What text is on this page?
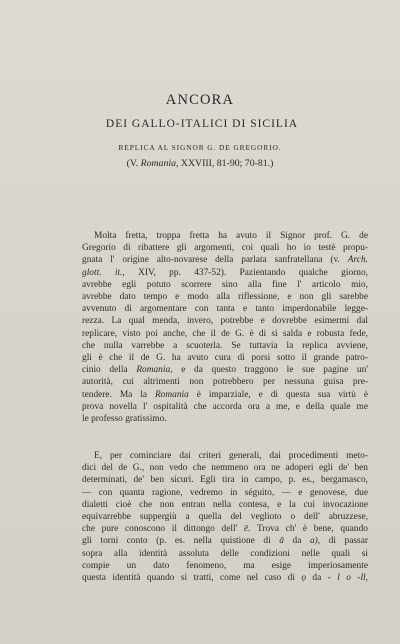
ANCORA
DEI GALLO-ITALICI DI SICILIA
REPLICA AL SIGNOR G. DE GREGORIO.
(V. Romania, XXVIII, 81-90; 70-81.)
Molta fretta, troppa fretta ha avuto il Signor prof. G. de
Gregorio di ribattere gli argomenti, coi quali ho io testè propu-
gnata l' origine alto-novarese della parlata sanfratellana (v. Arch.
glott. it., XIV, pp. 437-52). Pazientando qualche giorno,
avrebbe egli potuto scorrere sino alla fine l' articolo mio,
avrebbe dato tempo e modo alla riflessione, e non gli sarebbe
avvenuto di argomentare con tanta e tanto imperdonabile legge-
rezza. La qual menda, invero, potrebbe e dovrebbe esimermi dal
replicare, visto poi anche, che il de G. è di sì salda e robusta fede,
che nulla varrebbe a scuoterla. Se tuttavia la replica avviene,
gli è che il de G. ha avuto cura di porsi sotto il grande patro-
cinio della Romania, e da questo traggono le sue pagine un'
autorità, cui altrimenti non potrebbero per nessuna guisa pre-
tendere. Ma la Romania è imparziale, e di questa sua virtù è
prova novella l' ospitalità che accorda ora a me, e della quale me
le professo gratissimo.
E, per cominciare dai criteri generali, dai procedimenti meto-
dici del de G., non vedo che nemmeno ora ne adoperi egli de' ben
determinati, de' ben sicuri. Egli tira in campo, p. es., bergamasco,
— con quanta ragione, vedremo in séguito, — e genovese, due
dialetti cioè che non entran nella contesa, e la cui invocazione
equivarrebbe suppergiù a quella del veglioto o dell' abruzzese,
che pure conoscono il dittongo dell' ē. Trova ch' è bene, quando
gli torni conto (p. es. nella quistione di ā da a), di passar
sopra alla identità assoluta delle condizioni nelle quali si
compie un dato fenomeno, ma esige imperiosamente
questa identità quando si tratti, come nel caso di ọ da - l o -ll,
